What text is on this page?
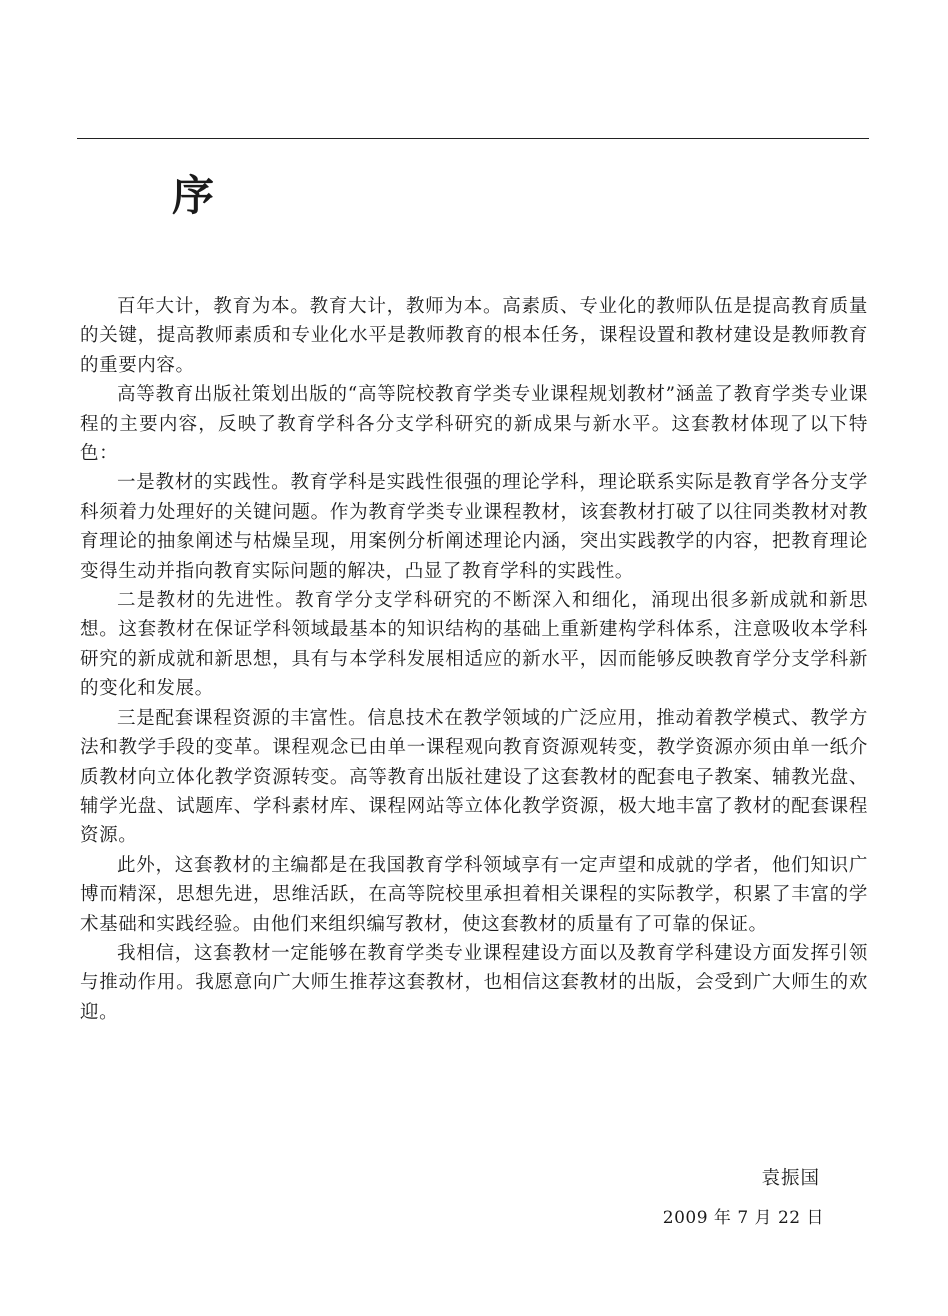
序

百年大计，教育为本。教育大计，教师为本。高素质、专业化的教师队伍是提高教育质量的关键，提高教师素质和专业化水平是教师教育的根本任务，课程设置和教材建设是教师教育的重要内容。

高等教育出版社策划出版的“高等院校教育学类专业课程规划教材”涵盖了教育学类专业课程的主要内容，反映了教育学科各分支学科研究的新成果与新水平。这套教材体现了以下特色：

一是教材的实践性。教育学科是实践性很强的理论学科，理论联系实际是教育学各分支学科须着力处理好的关键问题。作为教育学类专业课程教材，该套教材打破了以往同类教材对教育理论的抽象阐述与枯燥呈现，用案例分析阐述理论内涵，突出实践教学的内容，把教育理论变得生动并指向教育实际问题的解决，凸显了教育学科的实践性。

二是教材的先进性。教育学分支学科研究的不断深入和细化，涌现出很多新成就和新思想。这套教材在保证学科领域最基本的知识结构的基础上重新建构学科体系，注意吸收本学科研究的新成就和新思想，具有与本学科发展相适应的新水平，因而能够反映教育学分支学科新的变化和发展。

三是配套课程资源的丰富性。信息技术在教学领域的广泛应用，推动着教学模式、教学方法和教学手段的变革。课程观念已由单一课程观向教育资源观转变，教学资源亦须由单一纸介质教材向立体化教学资源转变。高等教育出版社建设了这套教材的配套电子教案、辅教光盘、辅学光盘、试题库、学科素材库、课程网站等立体化教学资源，极大地丰富了教材的配套课程资源。

此外，这套教材的主编都是在我国教育学科领域享有一定声望和成就的学者，他们知识广博而精深，思想先进，思维活跃，在高等院校里承担着相关课程的实际教学，积累了丰富的学术基础和实践经验。由他们来组织编写教材，使这套教材的质量有了可靠的保证。

我相信，这套教材一定能够在教育学类专业课程建设方面以及教育学科建设方面发挥引领与推动作用。我愿意向广大师生推荐这套教材，也相信这套教材的出版，会受到广大师生的欢迎。

袁振国
2009 年 7 月 22 日
